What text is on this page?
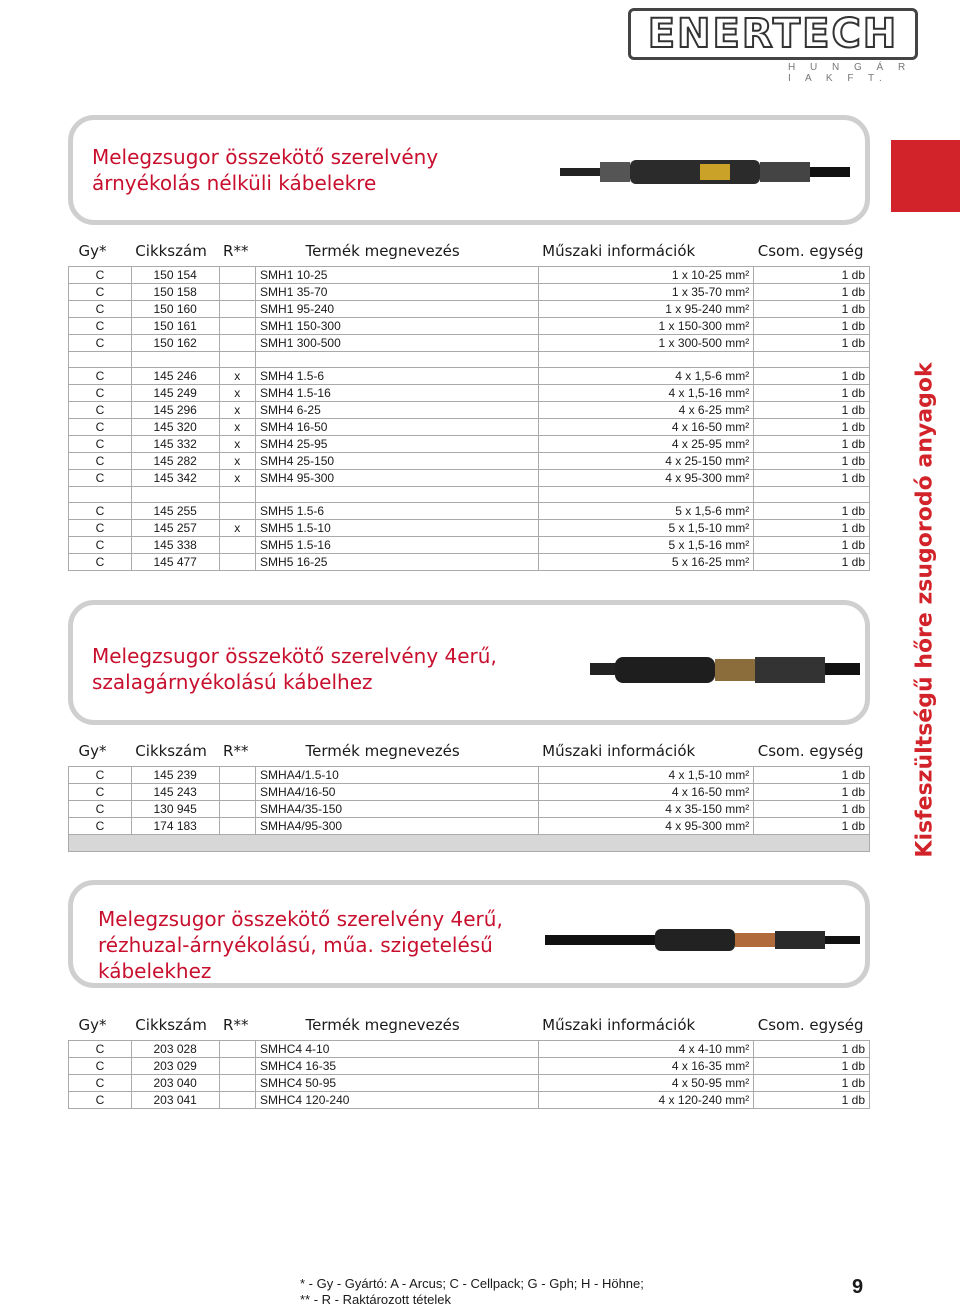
ENERTECH
H U N G Á R I A K F T.
Kisfeszültségű hőre zsugorodó anyagok
Melegzsugor összekötő szerelvény
árnyékolás nélküli kábelekre
Gy*	Cikkszám	R**	Termék megnevezés	Műszaki információk	Csom. egység
C	150 154		SMH1 10-25	1 x 10-25 mm²	1 db
C	150 158		SMH1 35-70	1 x 35-70 mm²	1 db
C	150 160		SMH1 95-240	1 x 95-240 mm²	1 db
C	150 161		SMH1 150-300	1 x 150-300 mm²	1 db
C	150 162		SMH1 300-500	1 x 300-500 mm²	1 db

C	145 246	x	SMH4 1.5-6	4 x 1,5-6 mm²	1 db
C	145 249	x	SMH4 1.5-16	4 x 1,5-16 mm²	1 db
C	145 296	x	SMH4 6-25	4 x 6-25 mm²	1 db
C	145 320	x	SMH4 16-50	4 x 16-50 mm²	1 db
C	145 332	x	SMH4 25-95	4 x 25-95 mm²	1 db
C	145 282	x	SMH4 25-150	4 x 25-150 mm²	1 db
C	145 342	x	SMH4 95-300	4 x 95-300 mm²	1 db

C	145 255		SMH5 1.5-6	5 x 1,5-6 mm²	1 db
C	145 257	x	SMH5 1.5-10	5 x 1,5-10 mm²	1 db
C	145 338		SMH5 1.5-16	5 x 1,5-16 mm²	1 db
C	145 477		SMH5 16-25	5 x 16-25 mm²	1 db
Melegzsugor összekötő szerelvény 4erű,
szalagárnyékolású kábelhez
Gy*	Cikkszám	R**	Termék megnevezés	Műszaki információk	Csom. egység
C	145 239		SMHA4/1.5-10	4 x 1,5-10 mm²	1 db
C	145 243		SMHA4/16-50	4 x 16-50 mm²	1 db
C	130 945		SMHA4/35-150	4 x 35-150 mm²	1 db
C	174 183		SMHA4/95-300	4 x 95-300 mm²	1 db

Melegzsugor összekötő szerelvény 4erű,
rézhuzal-árnyékolású, műa. szigetelésű
kábelekhez
Gy*	Cikkszám	R**	Termék megnevezés	Műszaki információk	Csom. egység
C	203 028		SMHC4 4-10	4 x 4-10 mm²	1 db
C	203 029		SMHC4 16-35	4 x 16-35 mm²	1 db
C	203 040		SMHC4 50-95	4 x 50-95 mm²	1 db
C	203 041		SMHC4 120-240	4 x 120-240 mm²	1 db
* - Gy - Gyártó: A - Arcus; C - Cellpack; G - Gph; H - Höhne;
** - R - Raktározott tételek
9
